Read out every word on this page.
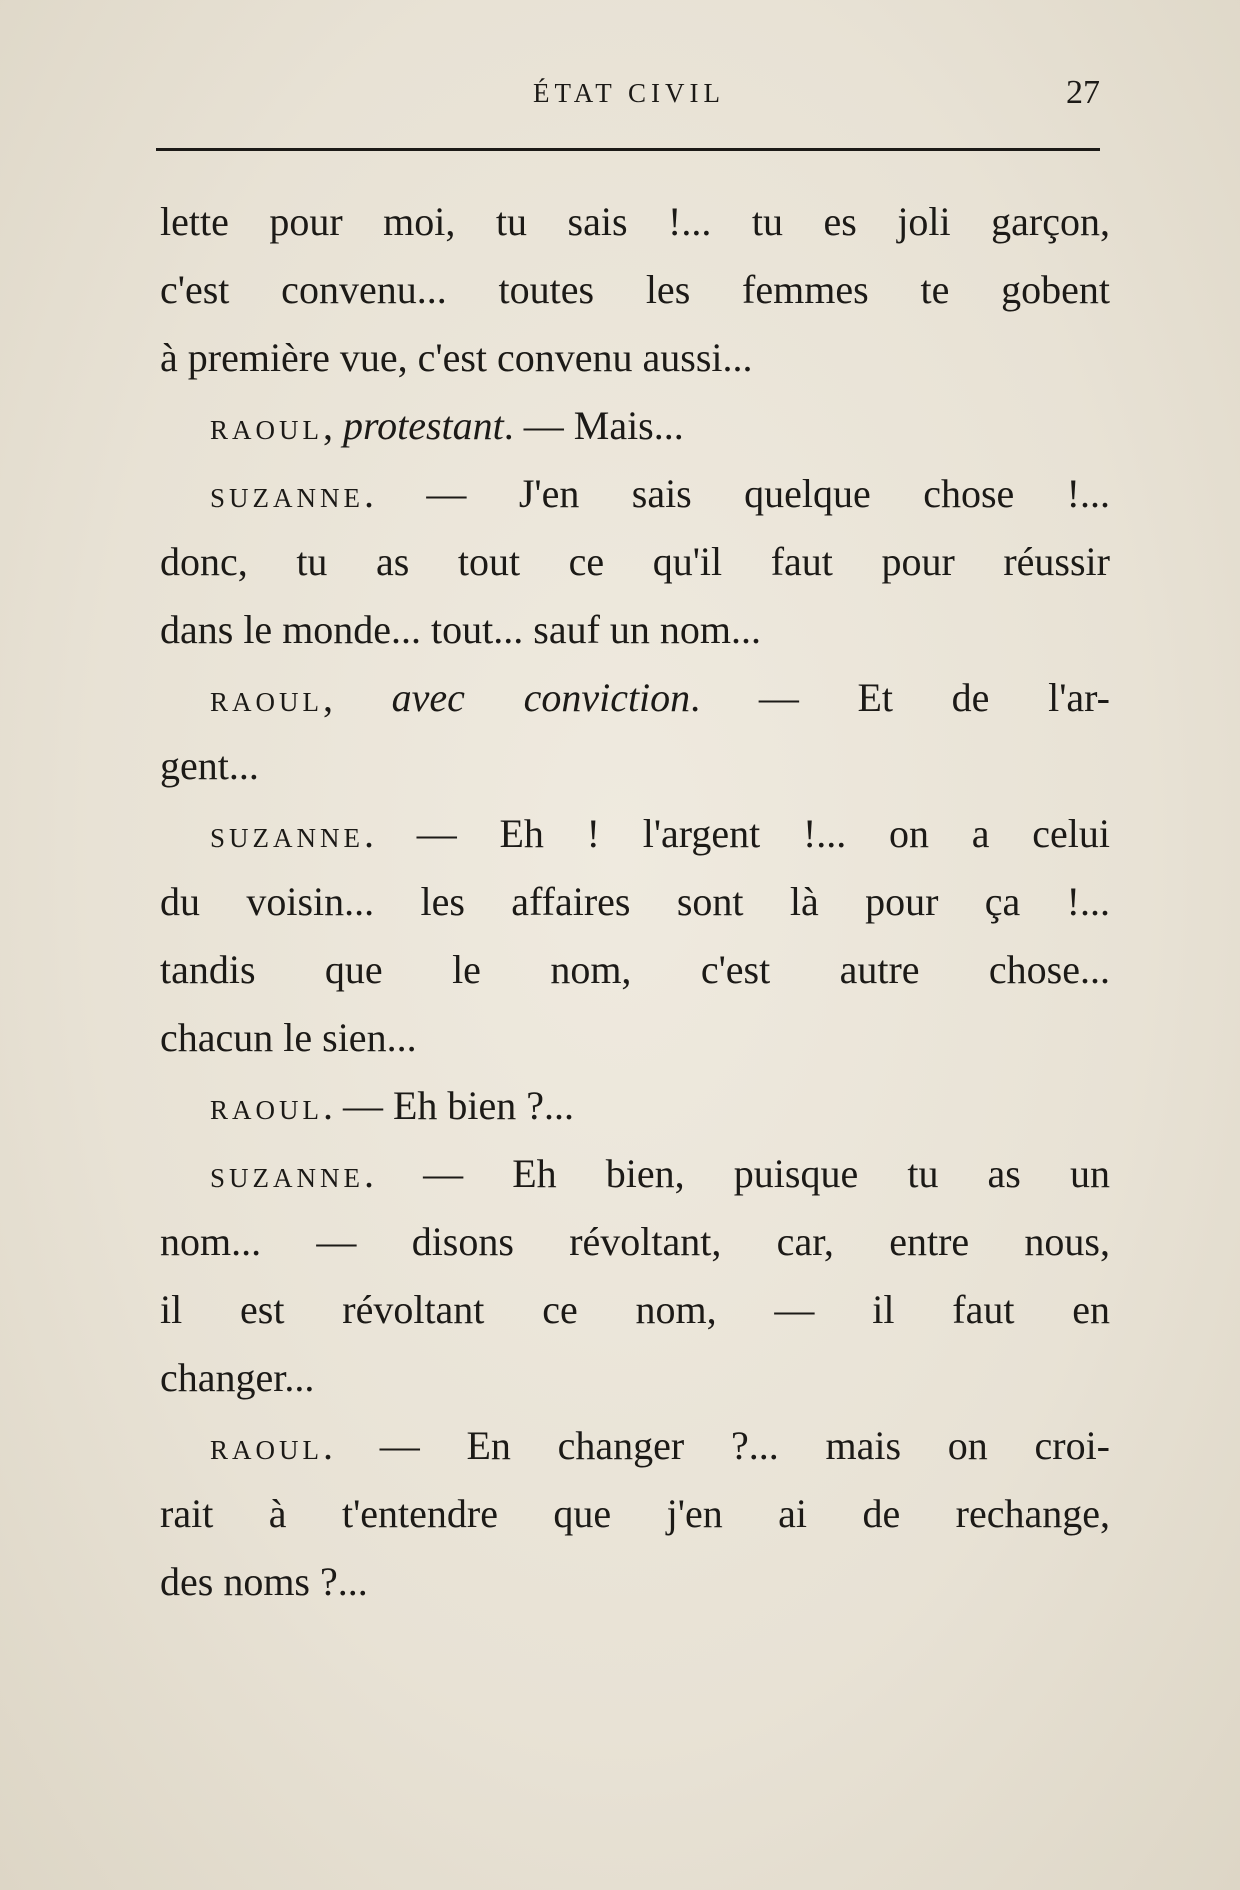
ÉTAT CIVIL	27
lette pour moi, tu sais !... tu es joli garçon,
c'est convenu... toutes les femmes te gobent
à première vue, c'est convenu aussi...
raoul, protestant. — Mais...
suzanne. — J'en sais quelque chose !...
donc, tu as tout ce qu'il faut pour réussir
dans le monde... tout... sauf un nom...
raoul, avec conviction. — Et de l'ar-
gent...
suzanne. — Eh ! l'argent !... on a celui
du voisin... les affaires sont là pour ça !...
tandis que le nom, c'est autre chose...
chacun le sien...
raoul. — Eh bien ?...
suzanne. — Eh bien, puisque tu as un
nom... — disons révoltant, car, entre nous,
il est révoltant ce nom, — il faut en
changer...
raoul. — En changer ?... mais on croi-
rait à t'entendre que j'en ai de rechange,
des noms ?...
